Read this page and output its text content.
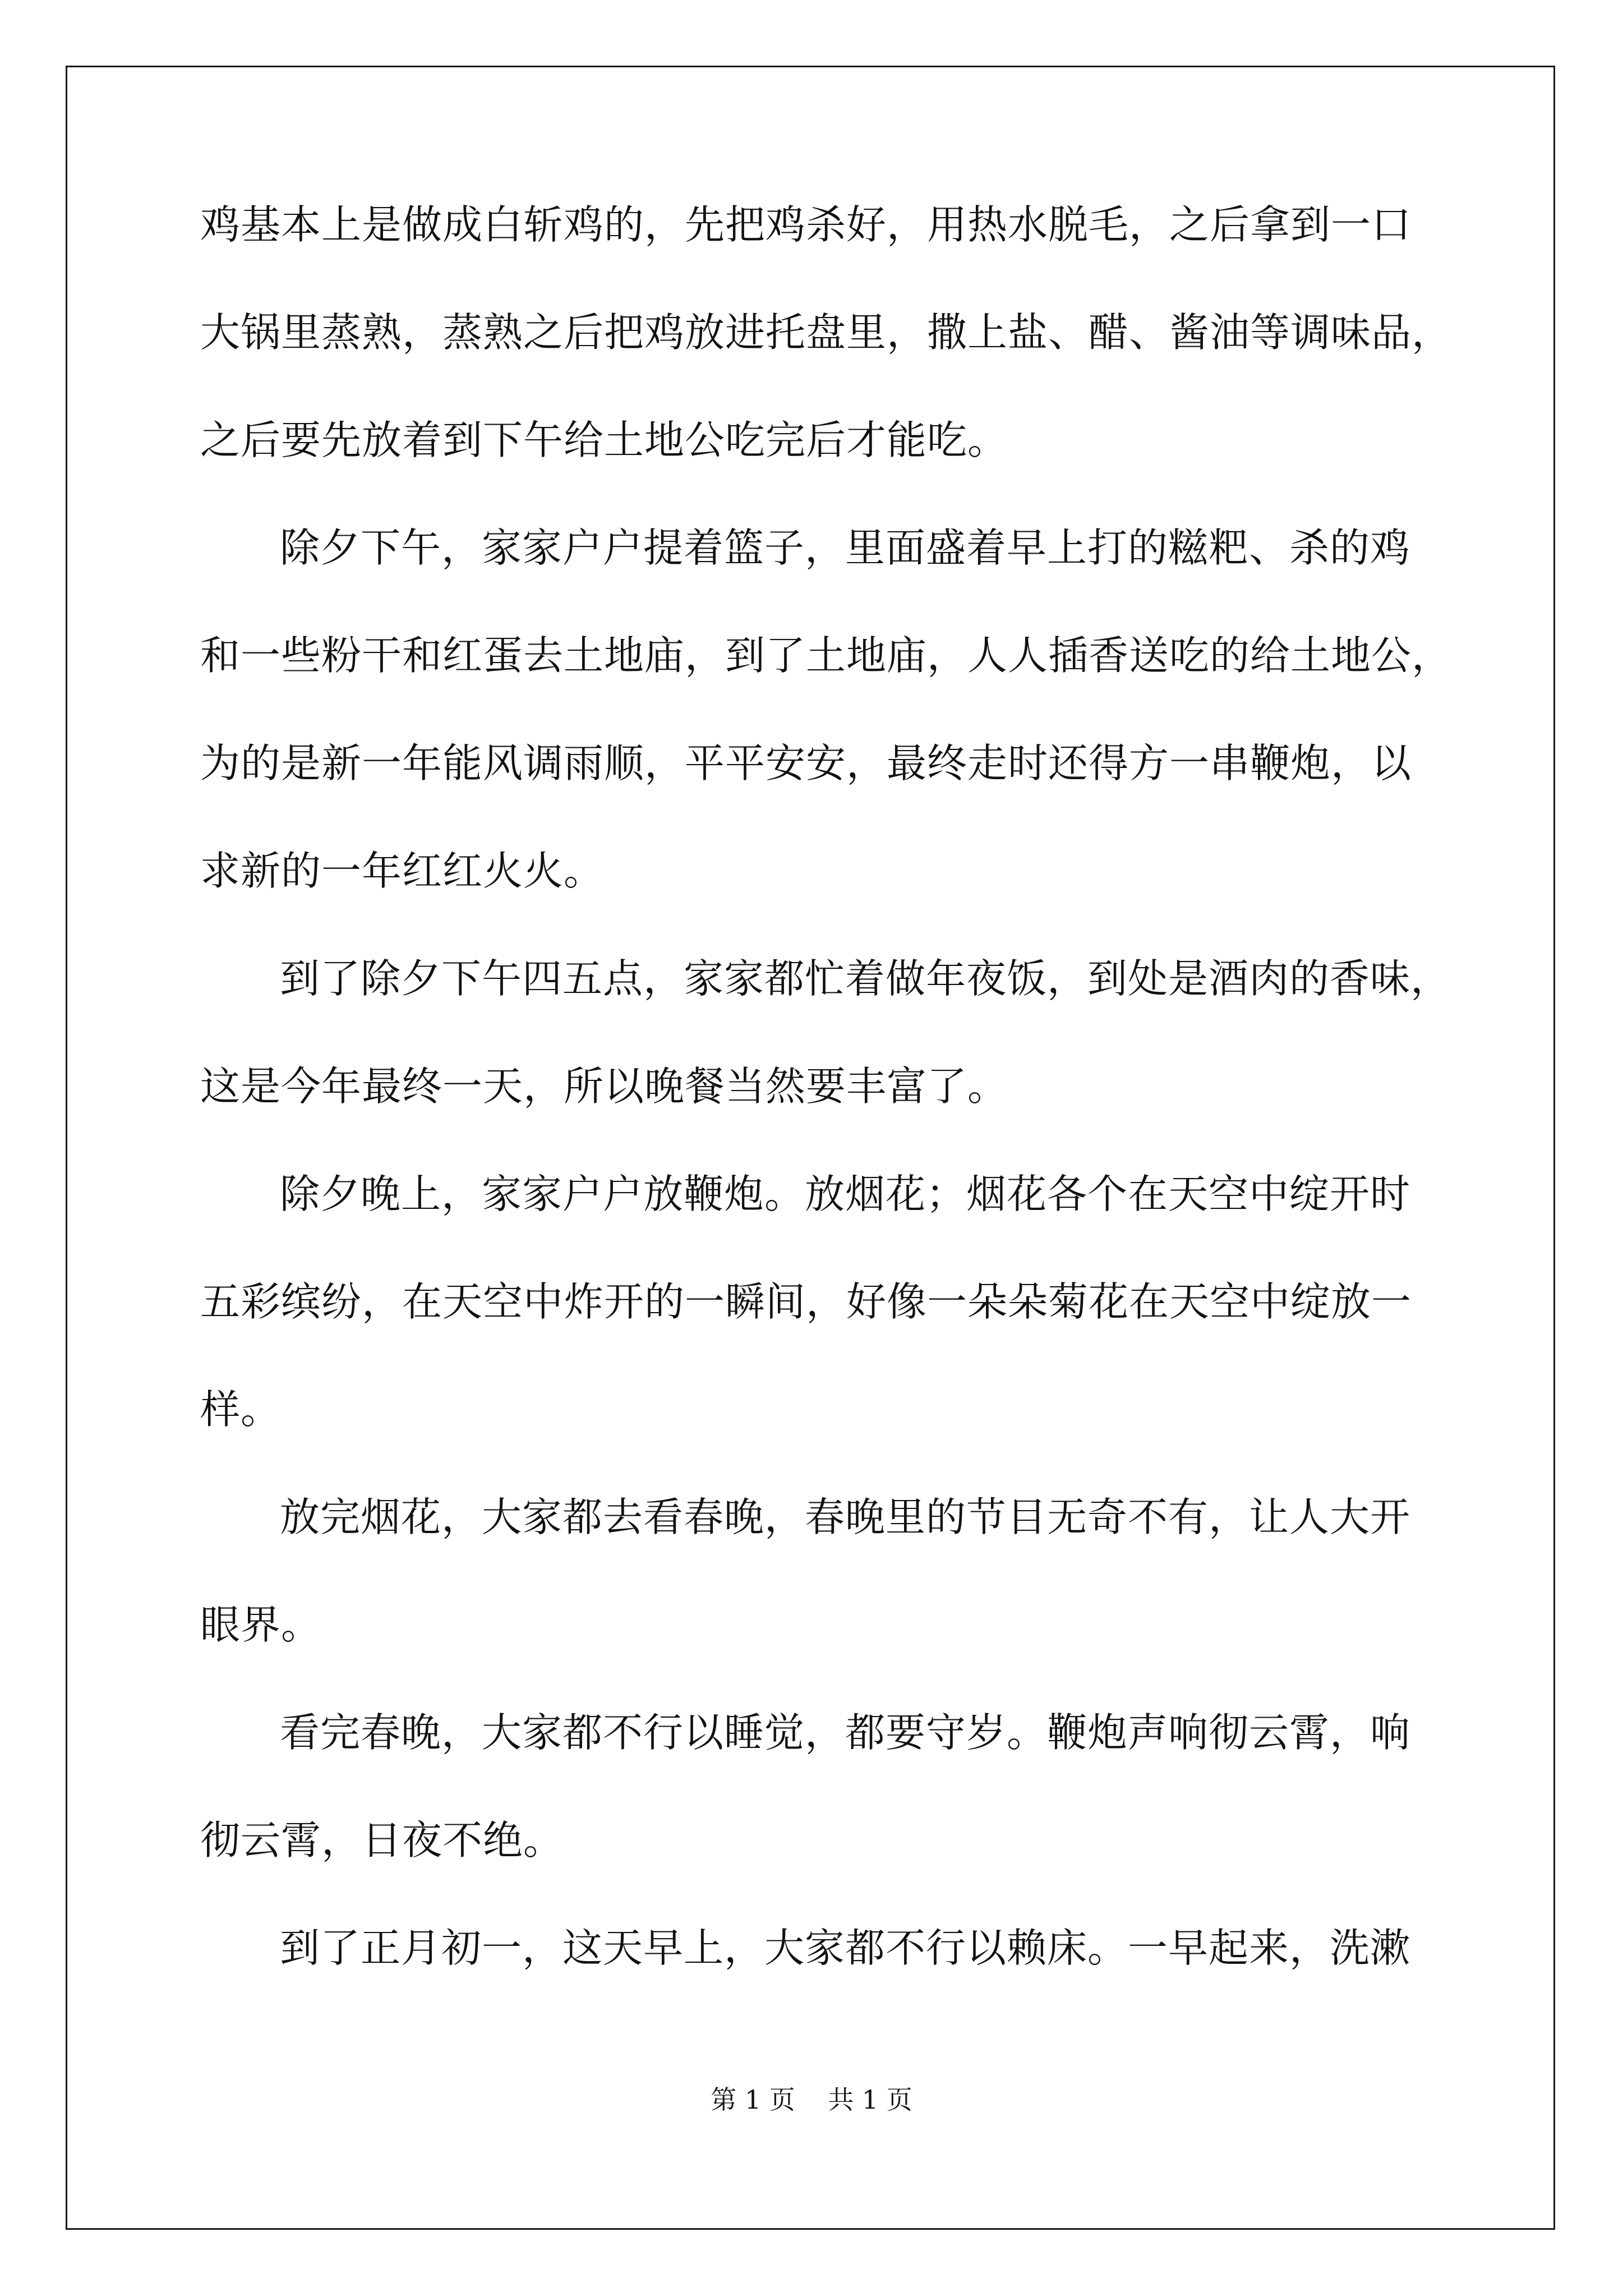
鸡基本上是做成白斩鸡的，先把鸡杀好，用热水脱毛，之后拿到一口
大锅里蒸熟，蒸熟之后把鸡放进托盘里，撒上盐、醋、酱油等调味品，
之后要先放着到下午给土地公吃完后才能吃。
除夕下午，家家户户提着篮子，里面盛着早上打的糍粑、杀的鸡
和一些粉干和红蛋去土地庙，到了土地庙，人人插香送吃的给土地公，
为的是新一年能风调雨顺，平平安安，最终走时还得方一串鞭炮，以
求新的一年红红火火。
到了除夕下午四五点，家家都忙着做年夜饭，到处是酒肉的香味，
这是今年最终一天，所以晚餐当然要丰富了。
除夕晚上，家家户户放鞭炮。放烟花；烟花各个在天空中绽开时
五彩缤纷，在天空中炸开的一瞬间，好像一朵朵菊花在天空中绽放一
样。
放完烟花，大家都去看春晚，春晚里的节目无奇不有，让人大开
眼界。
看完春晚，大家都不行以睡觉，都要守岁。鞭炮声响彻云霄，响
彻云霄，日夜不绝。
到了正月初一，这天早上，大家都不行以赖床。一早起来，洗漱
第 1 页    共 1 页
